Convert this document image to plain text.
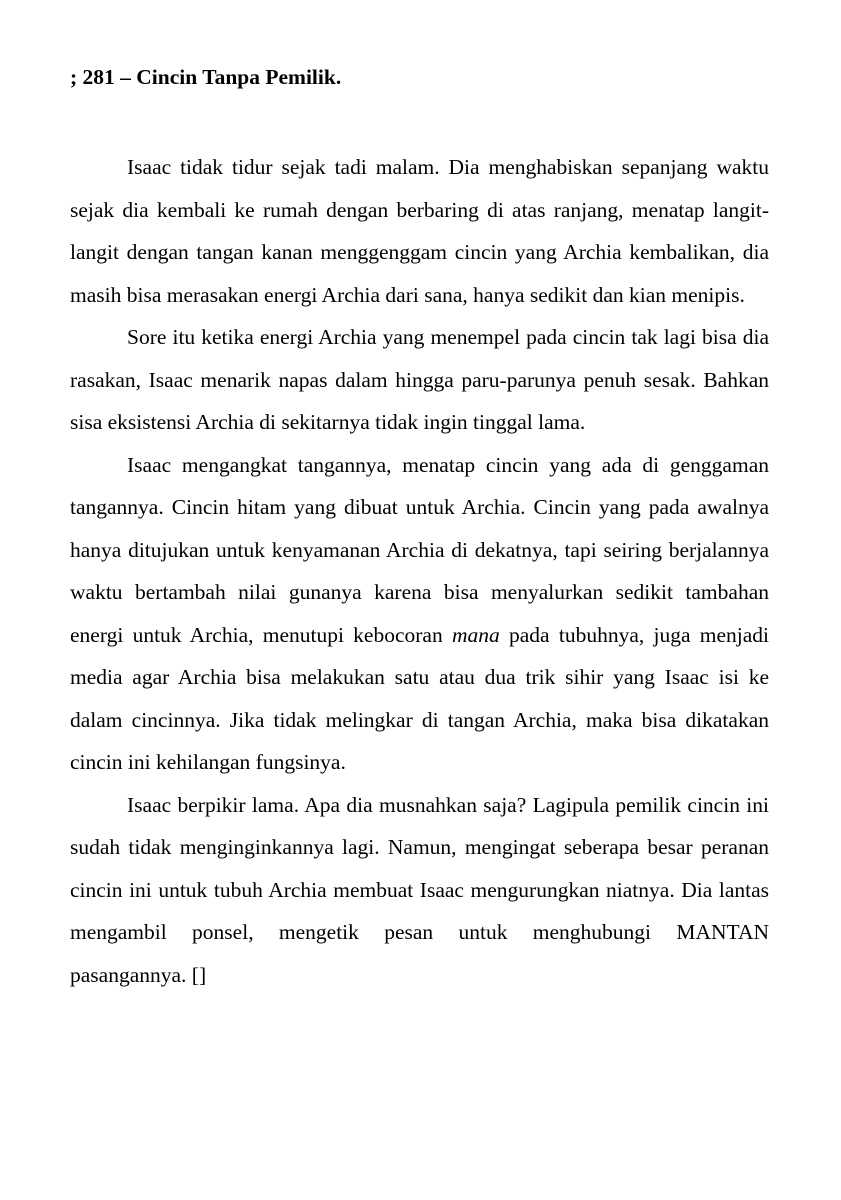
; 281 – Cincin Tanpa Pemilik.

Isaac tidak tidur sejak tadi malam. Dia menghabiskan sepanjang waktu sejak dia kembali ke rumah dengan berbaring di atas ranjang, menatap langit-langit dengan tangan kanan menggenggam cincin yang Archia kembalikan, dia masih bisa merasakan energi Archia dari sana, hanya sedikit dan kian menipis.

Sore itu ketika energi Archia yang menempel pada cincin tak lagi bisa dia rasakan, Isaac menarik napas dalam hingga paru-parunya penuh sesak. Bahkan sisa eksistensi Archia di sekitarnya tidak ingin tinggal lama.

Isaac mengangkat tangannya, menatap cincin yang ada di genggaman tangannya. Cincin hitam yang dibuat untuk Archia. Cincin yang pada awalnya hanya ditujukan untuk kenyamanan Archia di dekatnya, tapi seiring berjalannya waktu bertambah nilai gunanya karena bisa menyalurkan sedikit tambahan energi untuk Archia, menutupi kebocoran mana pada tubuhnya, juga menjadi media agar Archia bisa melakukan satu atau dua trik sihir yang Isaac isi ke dalam cincinnya. Jika tidak melingkar di tangan Archia, maka bisa dikatakan cincin ini kehilangan fungsinya.

Isaac berpikir lama. Apa dia musnahkan saja? Lagipula pemilik cincin ini sudah tidak menginginkannya lagi. Namun, mengingat seberapa besar peranan cincin ini untuk tubuh Archia membuat Isaac mengurungkan niatnya. Dia lantas mengambil ponsel, mengetik pesan untuk menghubungi MANTAN pasangannya. []
